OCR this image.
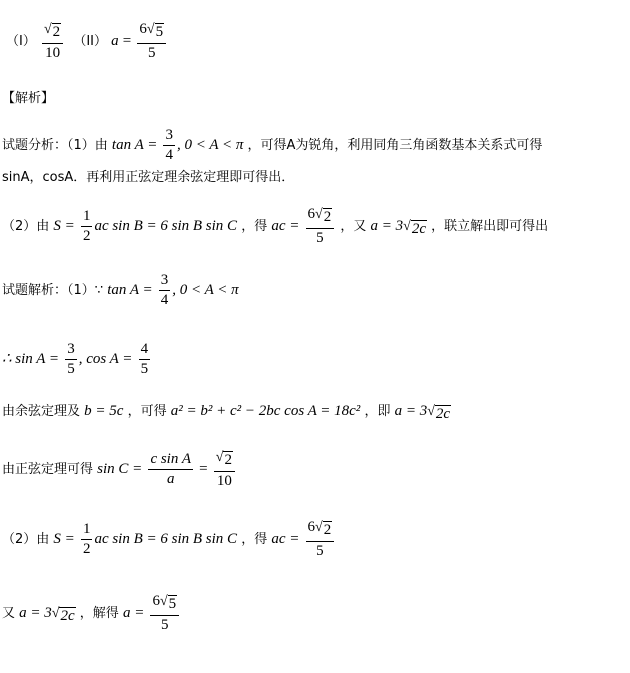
$(I) \frac{√ 2}{10} (II) a = \frac{6 √ 5}{5}$
【解析】
试题分析：（1）由 $\tan A = \frac{3}{4}$ , 0 < A < π ，可得A为锐角，利用同角三角函数基本关系式可得
sinA，cosA．再利用正弦定理余弦定理即可得出．
（2）由 $S = \frac{1}{2}$ ac sin B = 6 sin B sin C ，得 ac = $\frac{6 √ 2}{5}$ ，又 a = 3 √ 2c ，联立解出即可得出
试题解析：（1）∵ $\tan A = \frac{3}{4}$ , 0 < A < π
∴ $\sin A = \frac{3}{5}$ , $\cos A = \frac{4}{5}$
由余弦定理及 b = 5c ，可得 a² = b² + c² − 2bc cos A = 18c² ，即 a = 3 √ 2c
由正弦定理可得 $\sin C = \frac{\text{c sin A}}{a} = \frac{√ 2}{10}$
（2）由 $S = \frac{1}{2}$ ac sin B = 6 sin B sin C ，得 ac = $\frac{6 √ 2}{5}$
又 a = 3 √ 2c ，解得 $a = \frac{6 √ 5}{5}$
